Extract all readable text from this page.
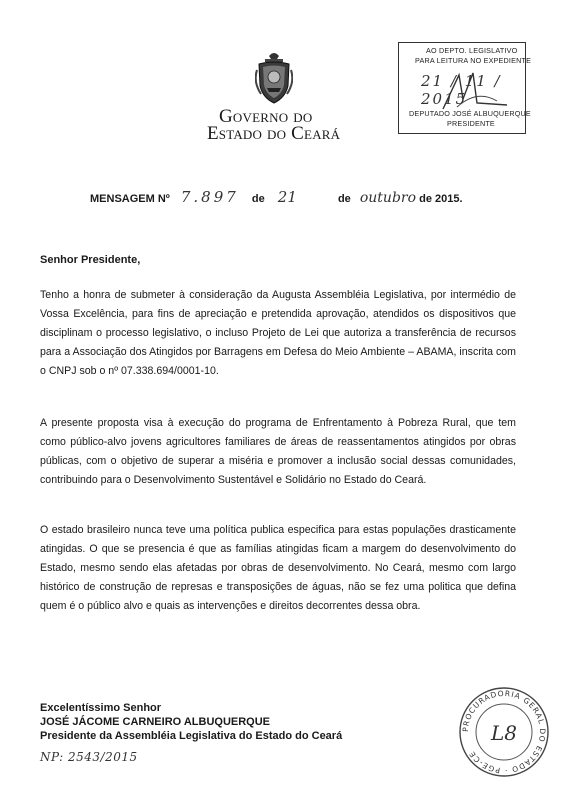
Governo do
Estado do Ceará
AO DEPTO. LEGISLATIVO
PARA LEITURA NO EXPEDIENTE
21 / 11 / 2015
DEPUTADO JOSÉ ALBUQUERQUE
PRESIDENTE
MENSAGEM Nº 7.897 de 21	de outubro de 2015.
Senhor Presidente,

Tenho a honra de submeter à consideração da Augusta Assembléia Legislativa, por intermédio de Vossa Excelência, para fins de apreciação e pretendida aprovação, atendidos os dispositivos que disciplinam o processo legislativo, o incluso Projeto de Lei que autoriza a transferência de recursos para a Associação dos Atingidos por Barragens em Defesa do Meio Ambiente – ABAMA, inscrita com o CNPJ sob o nº 07.338.694/0001-10.

A presente proposta visa à execução do programa de Enfrentamento à Pobreza Rural, que tem como público-alvo jovens agricultores familiares de áreas de reassentamentos atingidos por obras públicas, com o objetivo de superar a miséria e promover a inclusão social dessas comunidades, contribuindo para o Desenvolvimento Sustentável e Solidário no Estado do Ceará.

O estado brasileiro nunca teve uma política publica especifica para estas populações drasticamente atingidas. O que se presencia é que as famílias atingidas ficam a margem do desenvolvimento do Estado, mesmo sendo elas afetadas por obras de desenvolvimento. No Ceará, mesmo com largo histórico de construção de represas e transposições de águas, não se fez uma politica que defina quem é o público alvo e quais as intervenções e direitos decorrentes dessa obra.

Excelentíssimo Senhor
JOSÉ JÁCOME CARNEIRO ALBUQUERQUE
Presidente da Assembléia Legislativa do Estado do Ceará
NP: 2543/2015
PROCURADORIA GERAL DO ESTADO · PGE-CE
L8
